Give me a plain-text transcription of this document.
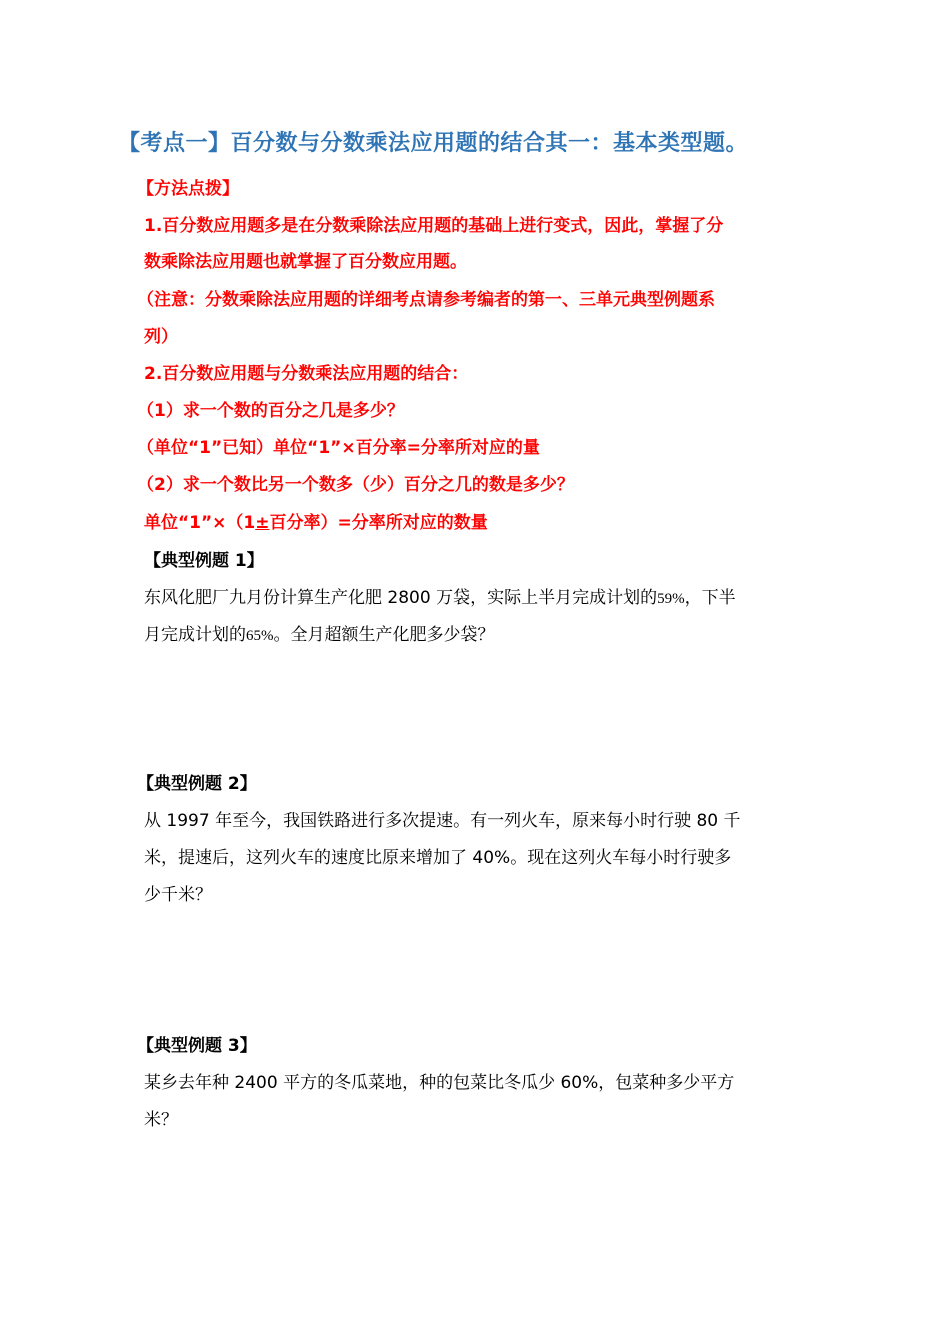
【考点一】百分数与分数乘法应用题的结合其一：基本类型题。
【方法点拨】
1.百分数应用题多是在分数乘除法应用题的基础上进行变式，因此，掌握了分
数乘除法应用题也就掌握了百分数应用题。
（注意：分数乘除法应用题的详细考点请参考编者的第一、三单元典型例题系
列）
2.百分数应用题与分数乘法应用题的结合：
（1）求一个数的百分之几是多少？
（单位“1”已知）单位“1”×百分率=分率所对应的量
（2）求一个数比另一个数多（少）百分之几的数是多少？
单位“1”×（1±百分率）=分率所对应的数量
【典型例题 1】
东风化肥厂九月份计算生产化肥 2800 万袋，实际上半月完成计划的59%，下半
月完成计划的65%。全月超额生产化肥多少袋？
【典型例题 2】
从 1997 年至今，我国铁路进行多次提速。有一列火车，原来每小时行驶 80 千
米，提速后，这列火车的速度比原来增加了 40%。现在这列火车每小时行驶多
少千米？
【典型例题 3】
某乡去年种 2400 平方的冬瓜菜地，种的包菜比冬瓜少 60%，包菜种多少平方
米？
